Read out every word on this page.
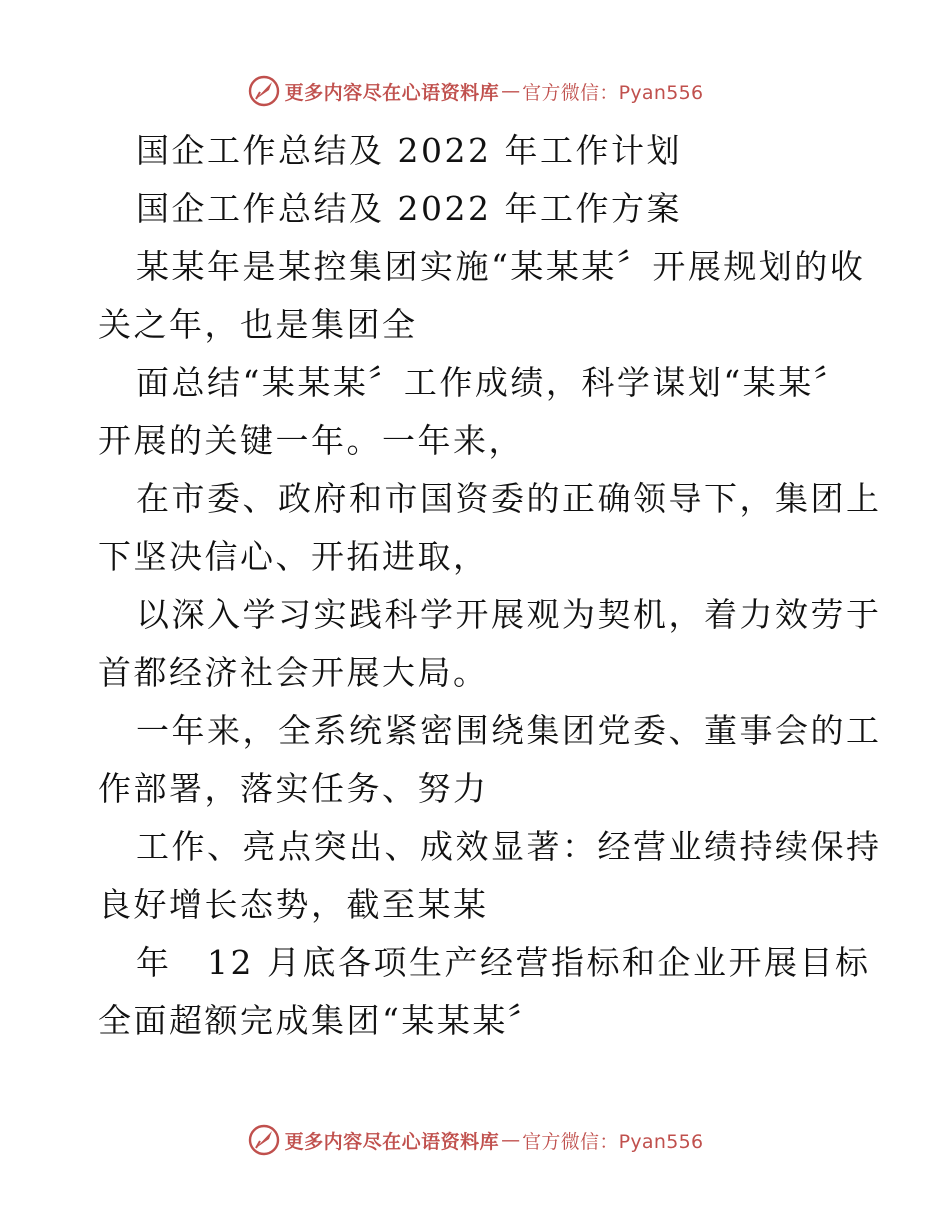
更多内容尽在心语资料库 — 官方微信：Pyan556
国企工作总结及 2022 年工作计划
国企工作总结及 2022 年工作方案
某某年是某控集团实施“某某某〞开展规划的收
关之年，也是集团全
面总结“某某某〞工作成绩，科学谋划“某某〞
开展的关键一年。一年来，
在市委、政府和市国资委的正确领导下，集团上
下坚决信心、开拓进取，
以深入学习实践科学开展观为契机，着力效劳于
首都经济社会开展大局。
一年来，全系统紧密围绕集团党委、董事会的工
作部署，落实任务、努力
工作、亮点突出、成效显著：经营业绩持续保持
良好增长态势，截至某某
年　12 月底各项生产经营指标和企业开展目标
全面超额完成集团“某某某〞
更多内容尽在心语资料库 — 官方微信：Pyan556
